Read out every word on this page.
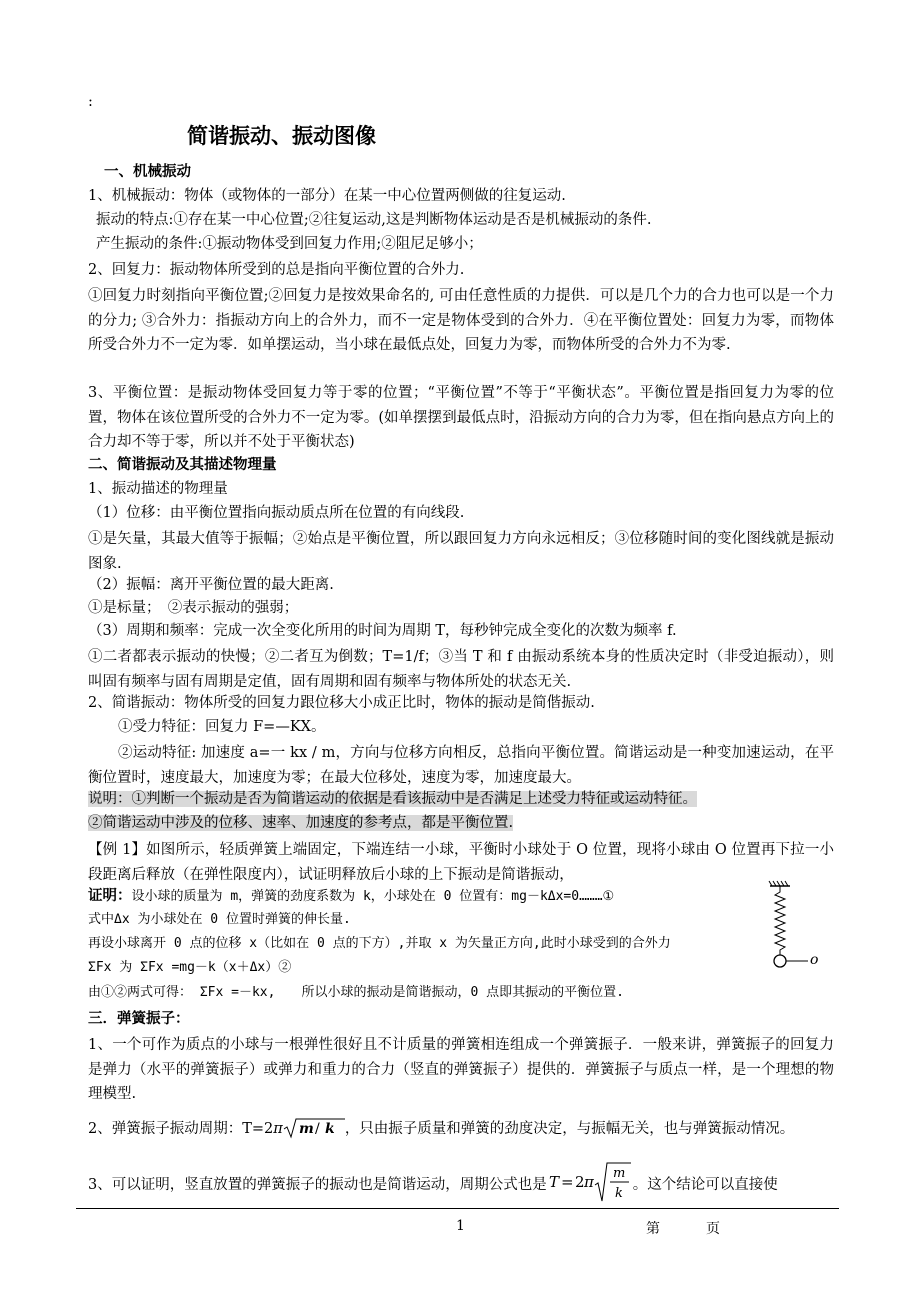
:
简谐振动、振动图像
一、机械振动
1、机械振动：物体（或物体的一部分）在某一中心位置两侧做的往复运动.
振动的特点:①存在某一中心位置;②往复运动,这是判断物体运动是否是机械振动的条件.
产生振动的条件:①振动物体受到回复力作用;②阻尼足够小；
2、回复力：振动物体所受到的总是指向平衡位置的合外力.
①回复力时刻指向平衡位置;②回复力是按效果命名的, 可由任意性质的力提供．可以是几个力的合力也可以是一个力的分力; ③合外力：指振动方向上的合外力，而不一定是物体受到的合外力．④在平衡位置处：回复力为零，而物体所受合外力不一定为零．如单摆运动，当小球在最低点处，回复力为零，而物体所受的合外力不为零.
3、平衡位置：是振动物体受回复力等于零的位置；“平衡位置”不等于“平衡状态”。平衡位置是指回复力为零的位置，物体在该位置所受的合外力不一定为零。(如单摆摆到最低点时，沿振动方向的合力为零，但在指向悬点方向上的合力却不等于零，所以并不处于平衡状态)
二、简谐振动及其描述物理量
1、振动描述的物理量
（1）位移：由平衡位置指向振动质点所在位置的有向线段.
①是矢量，其最大值等于振幅；②始点是平衡位置，所以跟回复力方向永远相反；③位移随时间的变化图线就是振动图象.
（2）振幅：离开平衡位置的最大距离.
①是标量；　②表示振动的强弱；
（3）周期和频率：完成一次全变化所用的时间为周期 T，每秒钟完成全变化的次数为频率 f.
①二者都表示振动的快慢；②二者互为倒数；T=1/f；③当 T 和 f 由振动系统本身的性质决定时（非受迫振动），则叫固有频率与固有周期是定值，固有周期和固有频率与物体所处的状态无关.
2、简谐振动：物体所受的回复力跟位移大小成正比时，物体的振动是简偕振动.
①受力特征：回复力 F=—KX。
②运动特征: 加速度 a=一 kx / m，方向与位移方向相反，总指向平衡位置。简谐运动是一种变加速运动，在平衡位置时，速度最大，加速度为零；在最大位移处，速度为零，加速度最大。
说明：①判断一个振动是否为简谐运动的依据是看该振动中是否满足上述受力特征或运动特征。
②简谐运动中涉及的位移、速率、加速度的参考点，都是平衡位置.
【例 1】如图所示，轻质弹簧上端固定，下端连结一小球，平衡时小球处于 O 位置，现将小球由 O 位置再下拉一小段距离后释放（在弹性限度内），试证明释放后小球的上下振动是简谐振动，
证明：设小球的质量为 m，弹簧的劲度系数为 k，小球处在 0 位置有：mg－kΔx=0………①
式中Δx 为小球处在 0 位置时弹簧的伸长量.
再设小球离开 0 点的位移 x（比如在 0 点的下方）,并取 x 为矢量正方向,此时小球受到的合外力
ΣFx 为 ΣFx =mg－k（x＋Δx）②
由①②两式可得： ΣFx =－kx,　　所以小球的振动是简谐振动，0 点即其振动的平衡位置.
o
三．弹簧振子：
1、一个可作为质点的小球与一根弹性很好且不计质量的弹簧相连组成一个弹簧振子．一般来讲，弹簧振子的回复力是弹力（水平的弹簧振子）或弹力和重力的合力（竖直的弹簧振子）提供的．弹簧振子与质点一样，是一个理想的物理模型.
2、弹簧振子振动周期：T=2π m / k ，只由振子质量和弹簧的劲度决定，与振幅无关，也与弹簧振动情况。
3、可以证明，竖直放置的弹簧振子的振动也是简谐运动，周期公式也是 T = 2 π m
k
。这个结论可以直接使
1	第	页
